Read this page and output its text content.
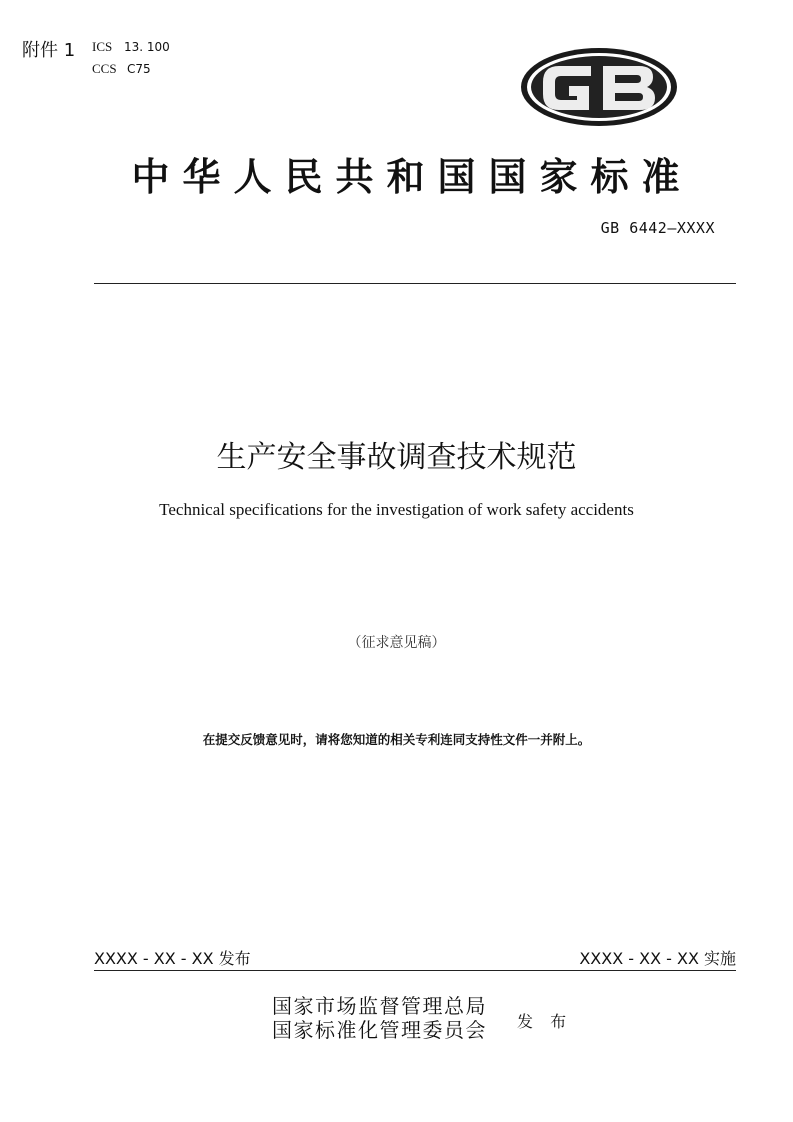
附件 1 ICS 13. 100
CCS C75
中华人民共和国国家标准
GB 6442—XXXX
生产安全事故调查技术规范
Technical specifications for the investigation of work safety accidents
（征求意见稿）
在提交反馈意见时，请将您知道的相关专利连同支持性文件一并附上。
XXXX - XX - XX 发布	XXXX - XX - XX 实施
国家市场监督管理总局
国家标准化管理委员会 发 布
